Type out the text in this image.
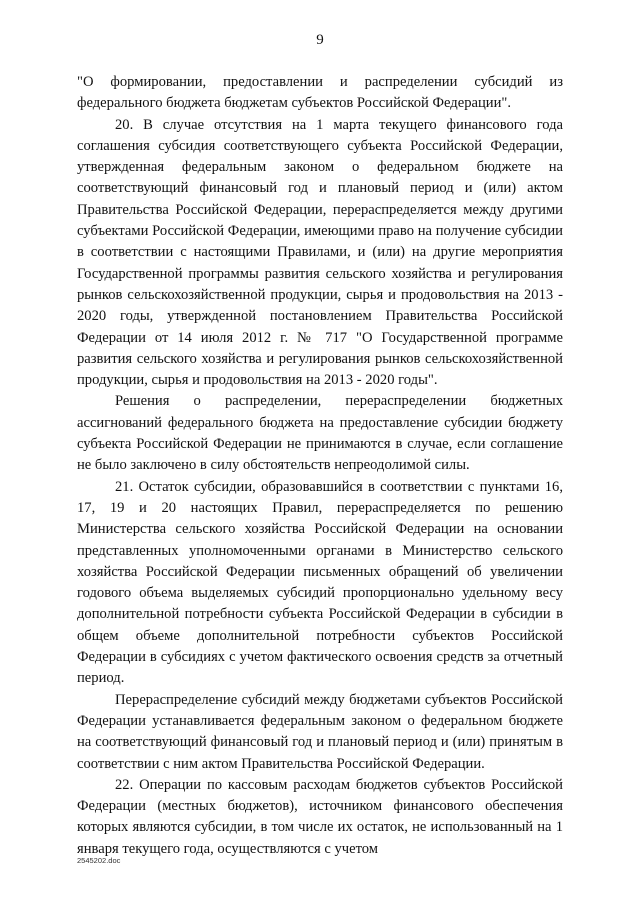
9

"О формировании, предоставлении и распределении субсидий из федерального бюджета бюджетам субъектов Российской Федерации".

20. В случае отсутствия на 1 марта текущего финансового года соглашения субсидия соответствующего субъекта Российской Федерации, утвержденная федеральным законом о федеральном бюджете на соответствующий финансовый год и плановый период и (или) актом Правительства Российской Федерации, перераспределяется между другими субъектами Российской Федерации, имеющими право на получение субсидии в соответствии с настоящими Правилами, и (или) на другие мероприятия Государственной программы развития сельского хозяйства и регулирования рынков сельскохозяйственной продукции, сырья и продовольствия на 2013 - 2020 годы, утвержденной постановлением Правительства Российской Федерации от 14 июля 2012 г. № 717 "О Государственной программе развития сельского хозяйства и регулирования рынков сельскохозяйственной продукции, сырья и продовольствия на 2013 - 2020 годы".

Решения о распределении, перераспределении бюджетных ассигнований федерального бюджета на предоставление субсидии бюджету субъекта Российской Федерации не принимаются в случае, если соглашение не было заключено в силу обстоятельств непреодолимой силы.

21. Остаток субсидии, образовавшийся в соответствии с пунктами 16, 17, 19 и 20 настоящих Правил, перераспределяется по решению Министерства сельского хозяйства Российской Федерации на основании представленных уполномоченными органами в Министерство сельского хозяйства Российской Федерации письменных обращений об увеличении годового объема выделяемых субсидий пропорционально удельному весу дополнительной потребности субъекта Российской Федерации в субсидии в общем объеме дополнительной потребности субъектов Российской Федерации в субсидиях с учетом фактического освоения средств за отчетный период.

Перераспределение субсидий между бюджетами субъектов Российской Федерации устанавливается федеральным законом о федеральном бюджете на соответствующий финансовый год и плановый период и (или) принятым в соответствии с ним актом Правительства Российской Федерации.

22. Операции по кассовым расходам бюджетов субъектов Российской Федерации (местных бюджетов), источником финансового обеспечения которых являются субсидии, в том числе их остаток, не использованный на 1 января текущего года, осуществляются с учетом

2545202.doc
